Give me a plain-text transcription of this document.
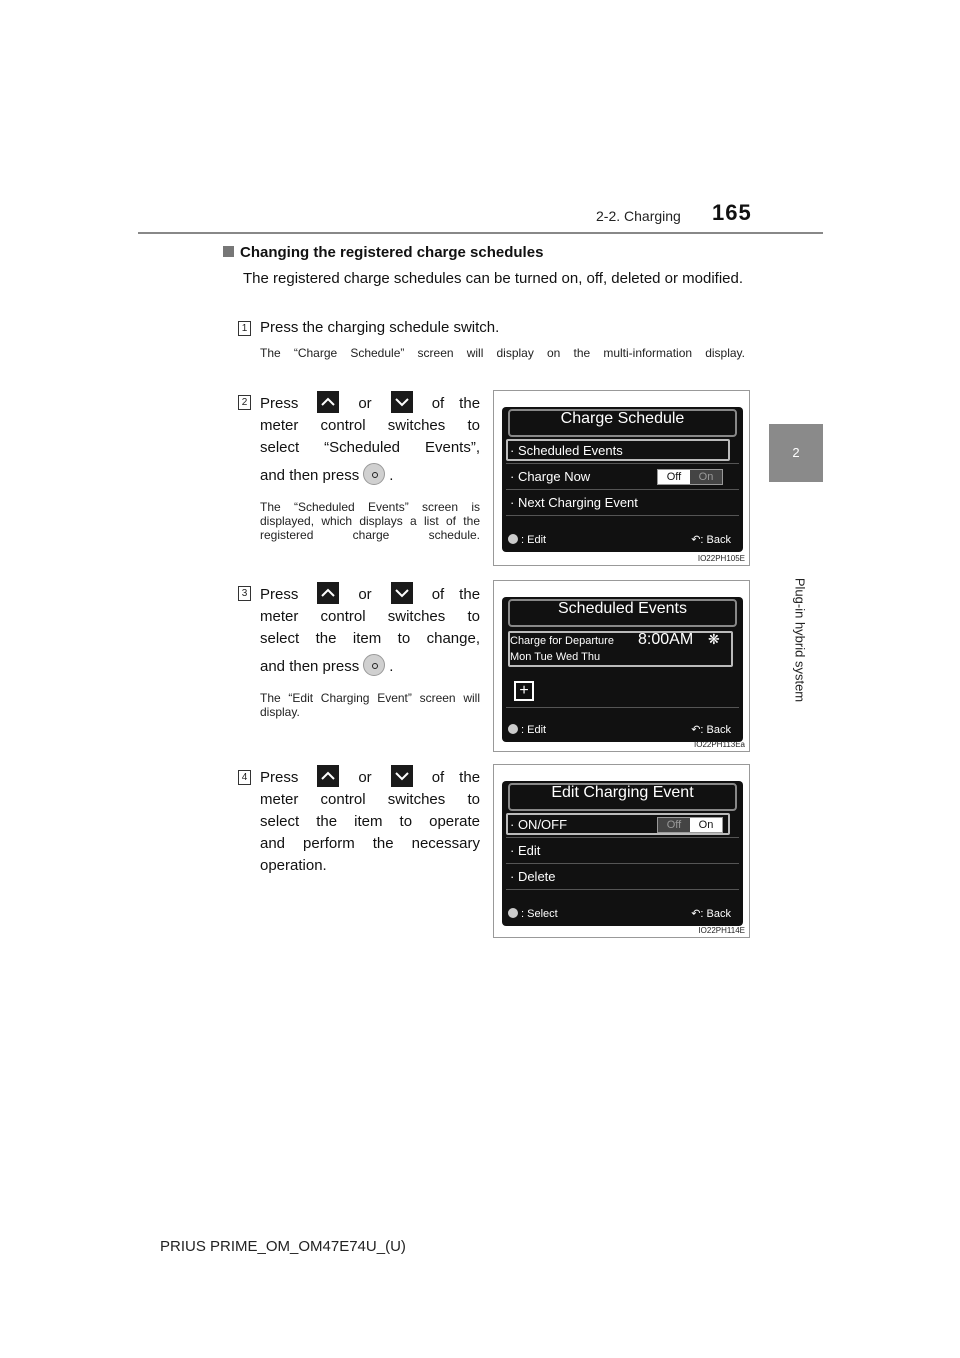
2-2. Charging 165
2
Plug-in hybrid system
Changing the registered charge schedules
The registered charge schedules can be turned on, off, deleted or modified.
1 Press the charging schedule switch.
The “Charge Schedule” screen will display on the multi-information display.
2 Press	or	of the
meter control switches to
select “Scheduled Events”,
and then press .
The “Scheduled Events” screen is displayed, which displays a list of the registered charge schedule.
3 Press	or	of the
meter control switches to
select the item to change,
and then press .
The “Edit Charging Event” screen will display.
4 Press	or	of the
meter control switches to
select the item to operate
and perform the necessary
operation.
Charge Schedule
· Scheduled Events
· Charge Now	Off	On
· Next Charging Event
: Edit	↶: Back
IO22PH105E
Scheduled Events
Charge for Departure 8:00AM ❋
Mon Tue Wed Thu
+
: Edit	↶: Back
IO22PH113Ea
Edit Charging Event
· ON/OFF	Off	On
· Edit
· Delete
: Select	↶: Back
IO22PH114E
PRIUS PRIME_OM_OM47E74U_(U)
